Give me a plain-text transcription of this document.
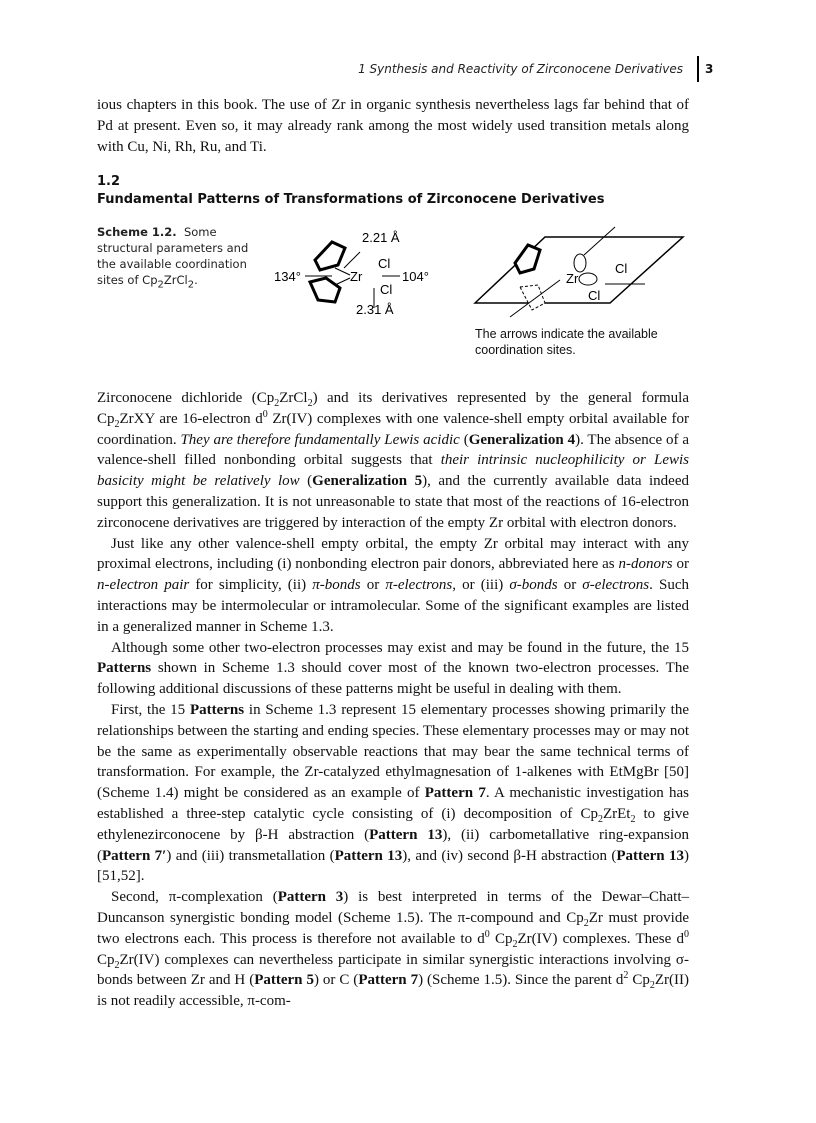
1 Synthesis and Reactivity of Zirconocene Derivatives 3

ious chapters in this book. The use of Zr in organic synthesis nevertheless lags far behind that of Pd at present. Even so, it may already rank among the most widely used transition metals along with Cu, Ni, Rh, Ru, and Ti.

1.2
Fundamental Patterns of Transformations of Zirconocene Derivatives
Scheme 1.2. Some structural parameters and the available coordination sites of $Cp_2ZrCl_2$.
2.21 Å
134°	Zr
Cl
Cl
104°
2.31 Å
Zr
Cl
Cl
The arrows indicate the available coordination sites.

Zirconocene dichloride $(Cp_2ZrCl_2)$ and its derivatives represented by the general formula $Cp_2ZrXY$ are 16-electron $d^0$ Zr(IV) complexes with one valence-shell empty orbital available for coordination. They are therefore fundamentally Lewis acidic (Generalization 4). The absence of a valence-shell filled nonbonding orbital suggests that their intrinsic nucleophilicity or Lewis basicity might be relatively low (Generalization 5), and the currently available data indeed support this generalization. It is not unreasonable to state that most of the reactions of 16-electron zirconocene derivatives are triggered by interaction of the empty Zr orbital with electron donors.

Just like any other valence-shell empty orbital, the empty Zr orbital may interact with any proximal electrons, including (i) nonbonding electron pair donors, abbreviated here as n-donors or n-electron pair for simplicity, (ii) π-bonds or π-electrons, or (iii) σ-bonds or σ-electrons. Such interactions may be intermolecular or intramolecular. Some of the significant examples are listed in a generalized manner in Scheme 1.3.

Although some other two-electron processes may exist and may be found in the future, the 15 Patterns shown in Scheme 1.3 should cover most of the known two-electron processes. The following additional discussions of these patterns might be useful in dealing with them.

First, the 15 Patterns in Scheme 1.3 represent 15 elementary processes showing primarily the relationships between the starting and ending species. These elementary processes may or may not be the same as experimentally observable reactions that may bear the same technical terms of transformation. For example, the Zr-catalyzed ethylmagnesation of 1-alkenes with EtMgBr [50] (Scheme 1.4) might be considered as an example of Pattern 7. A mechanistic investigation has established a three-step catalytic cycle consisting of (i) decomposition of $Cp_2ZrEt_2$ to give ethylenezirconocene by β-H abstraction (Pattern 13), (ii) carbometallative ring-expansion (Pattern 7′) and (iii) transmetallation (Pattern 13), and (iv) second β-H abstraction (Pattern 13) [51,52].

Second, π-complexation (Pattern 3) is best interpreted in terms of the Dewar–Chatt–Duncanson synergistic bonding model (Scheme 1.5). The π-compound and $Cp_2Zr$ must provide two electrons each. This process is therefore not available to $d^0$ $Cp_2Zr(IV)$ complexes. These $d^0$ $Cp_2Zr(IV)$ complexes can nevertheless participate in similar synergistic interactions involving σ-bonds between Zr and H (Pattern 5) or C (Pattern 7) (Scheme 1.5). Since the parent $d^2$ $Cp_2Zr(II)$ is not readily accessible, π-com-
